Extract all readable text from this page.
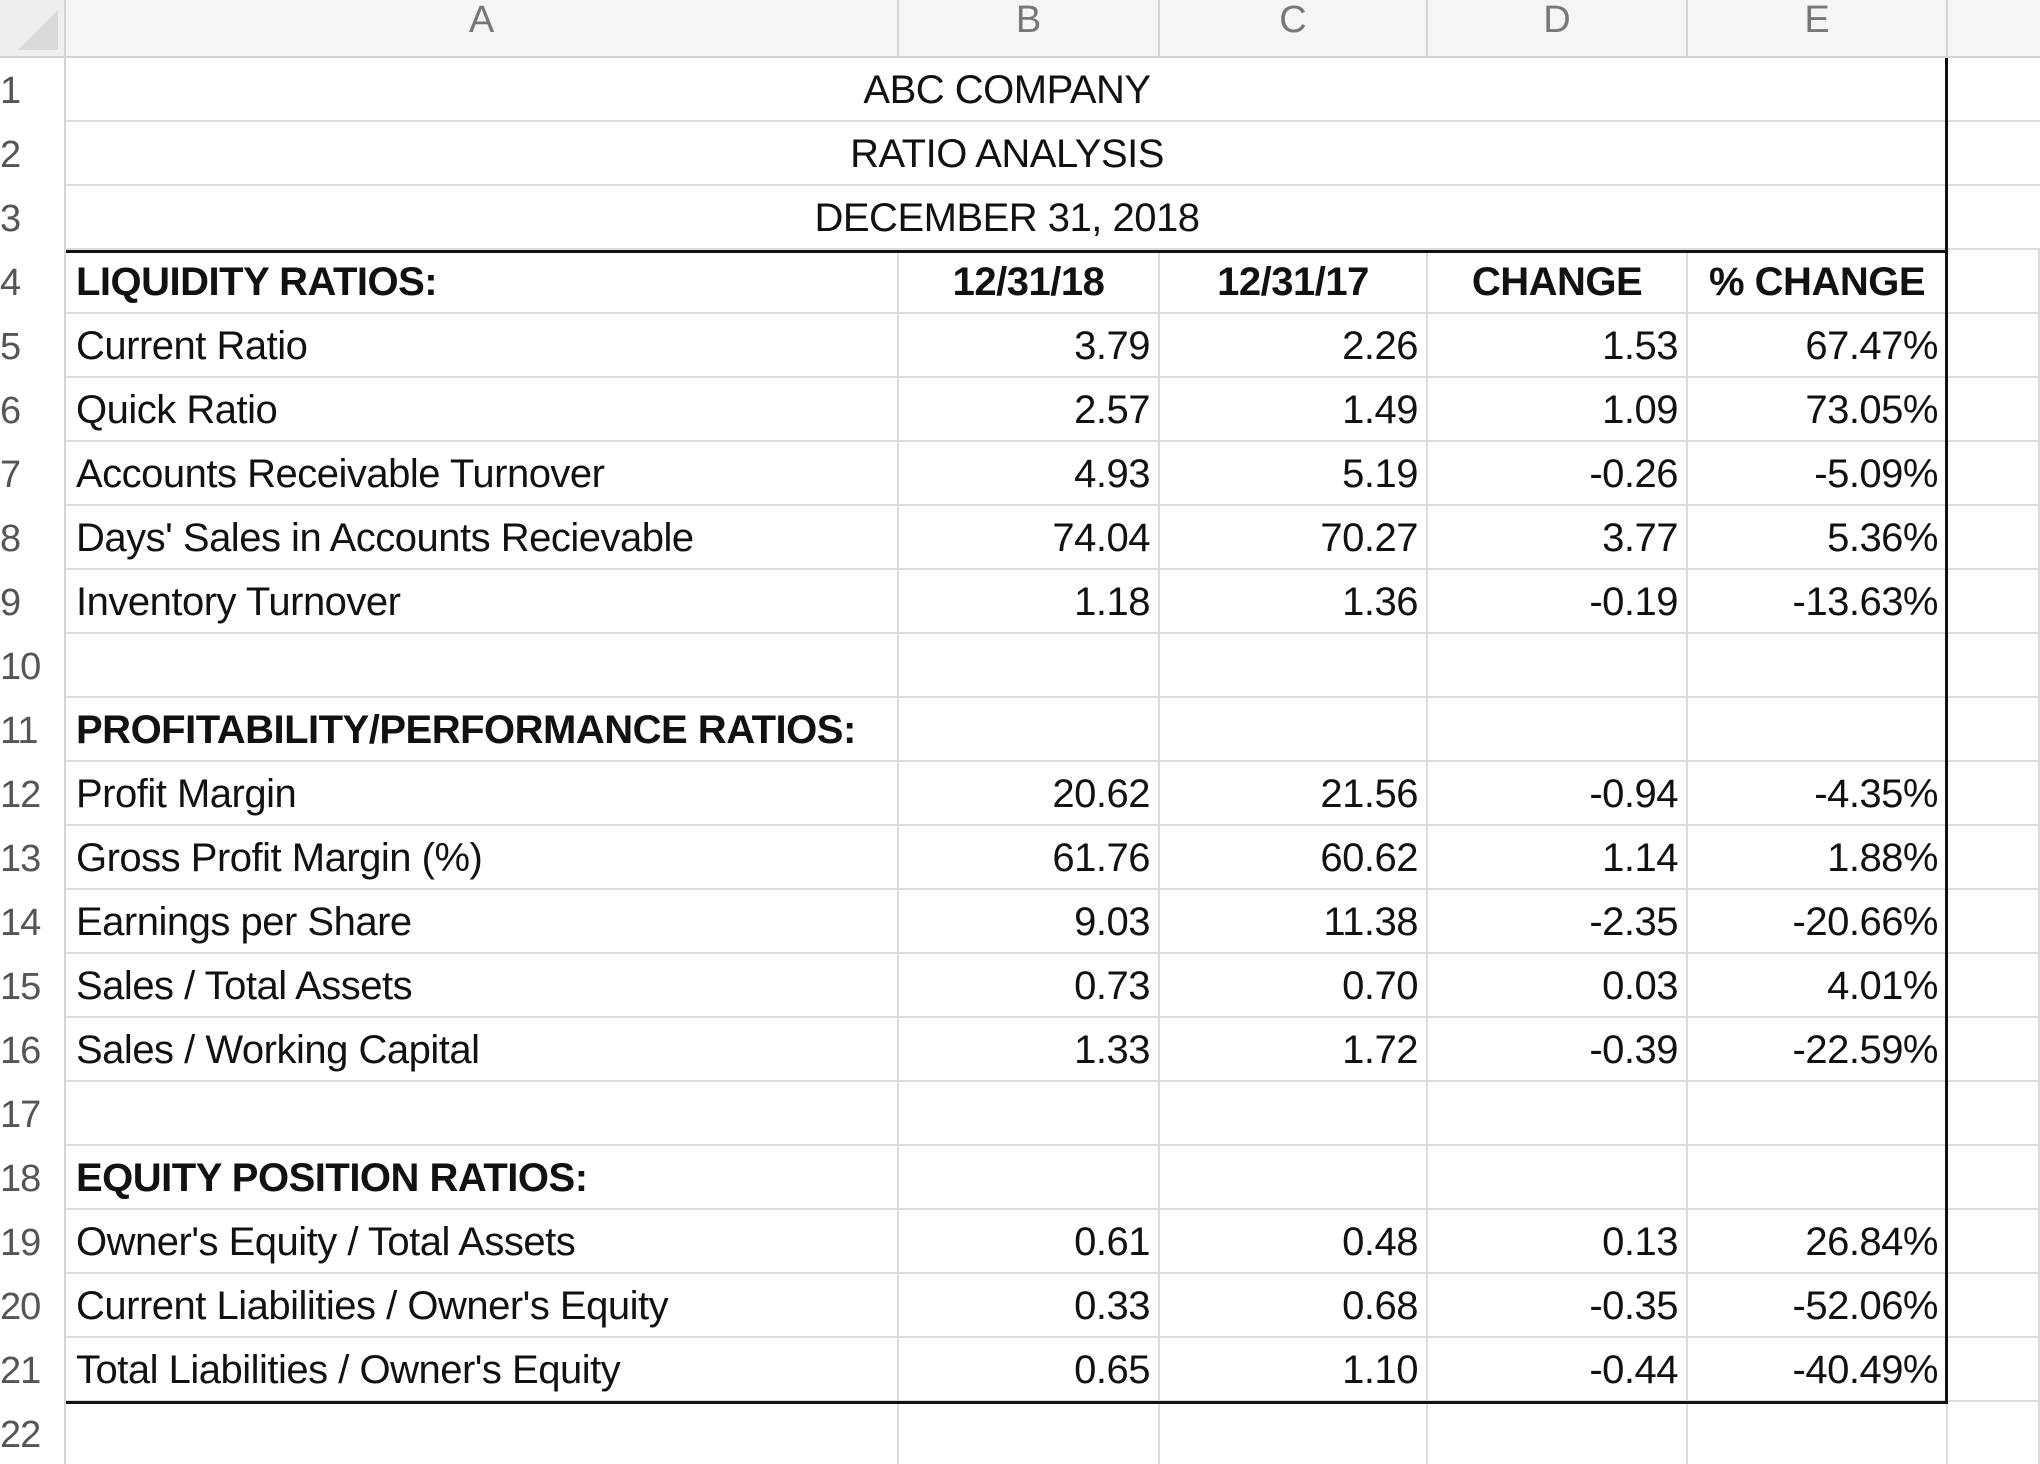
A	B	C	D	E
1
2
3
4
5
6
7
8
9
10
11
12
13
14
15
16
17
18
19
20
21
22
ABC COMPANY
RATIO ANALYSIS
DECEMBER 31, 2018
LIQUIDITY RATIOS:	12/31/18	12/31/17	CHANGE	% CHANGE
Current Ratio	3.79	2.26	1.53	67.47%
Quick Ratio	2.57	1.49	1.09	73.05%
Accounts Receivable Turnover	4.93	5.19	-0.26	-5.09%
Days' Sales in Accounts Recievable	74.04	70.27	3.77	5.36%
Inventory Turnover	1.18	1.36	-0.19	-13.63%
PROFITABILITY/PERFORMANCE RATIOS:
Profit Margin	20.62	21.56	-0.94	-4.35%
Gross Profit Margin (%)	61.76	60.62	1.14	1.88%
Earnings per Share	9.03	11.38	-2.35	-20.66%
Sales / Total Assets	0.73	0.70	0.03	4.01%
Sales / Working Capital	1.33	1.72	-0.39	-22.59%
EQUITY POSITION RATIOS:
Owner's Equity / Total Assets	0.61	0.48	0.13	26.84%
Current Liabilities / Owner's Equity	0.33	0.68	-0.35	-52.06%
Total Liabilities / Owner's Equity	0.65	1.10	-0.44	-40.49%
